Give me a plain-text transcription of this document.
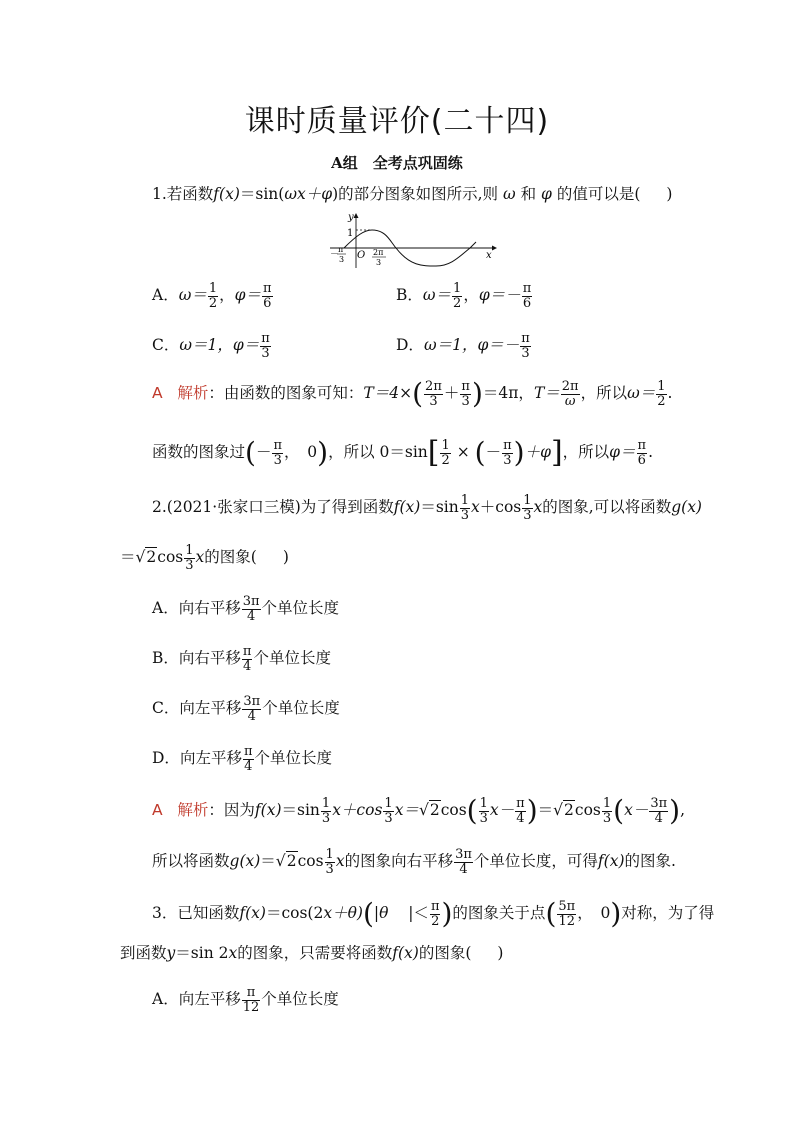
课时质量评价(二十四)
A组　全考点巩固练
1.若函数f(x)＝sin(ωx＋φ)的部分图象如图所示,则 ω 和 φ 的值可以是( )
y
x
1
O
－
π
3
2π
3
A．$\omega= \frac{1}{2}$ ，$\varphi= \frac{\pi}{6}$	B．$\omega= \frac{1}{2}$ ，$\varphi=- \frac{\pi}{6}$
C．ω＝1，$\varphi= \frac{\pi}{3}$	D．ω＝1，$\varphi=- \frac{\pi}{3}$
A 解析：由函数的图象可知：$T=4\times( \frac{2\pi}{3} + \frac{\pi}{3} )=4\pi$，$T= \frac{2\pi}{\omega}$ ，所以$\omega= \frac{1}{2}$ .
函数的图象过(－ $\frac{\pi}{3}$ ，　0)，所以 $0=\sin[ \frac{1}{2}$ × (－ $\frac{\pi}{3} )+\varphi$]，所以$\varphi= \frac{\pi}{6}$ .
2.(2021·张家口三模)为了得到函数$f(x)=\sin \frac{1}{3} x+\cos \frac{1}{3}$ x的图象,可以将函数g(x)
$=√2\cos \frac{1}{3}$ x的图象( )
A．向右平移 $\frac{3\pi}{4}$ 个单位长度
B．向右平移 $\frac{\pi}{4}$ 个单位长度
C．向左平移 $\frac{3\pi}{4}$ 个单位长度
D．向左平移 $\frac{\pi}{4}$ 个单位长度
A 解析：因为$f(x)=\sin \frac{1}{3} x+\cos \frac{1}{3} x=√2\cos( \frac{1}{3} x- \frac{\pi}{4} )=√2\cos \frac{1}{3} (x- \frac{3\pi}{4}$ ),
所以将函数$g(x)=√2\cos \frac{1}{3}$ x的图象向右平移 $\frac{3\pi}{4}$ 个单位长度，可得f(x)的图象.
3．已知函数f(x)＝cos(2x＋θ)(|θ |＜ $\frac{\pi}{2}$ )的图象关于点( $\frac{5\pi}{12}$ ，　0)对称，为了得
到函数y＝sin 2x的图象，只需要将函数f(x)的图象( )
A．向左平移 $\frac{\pi}{12}$ 个单位长度
